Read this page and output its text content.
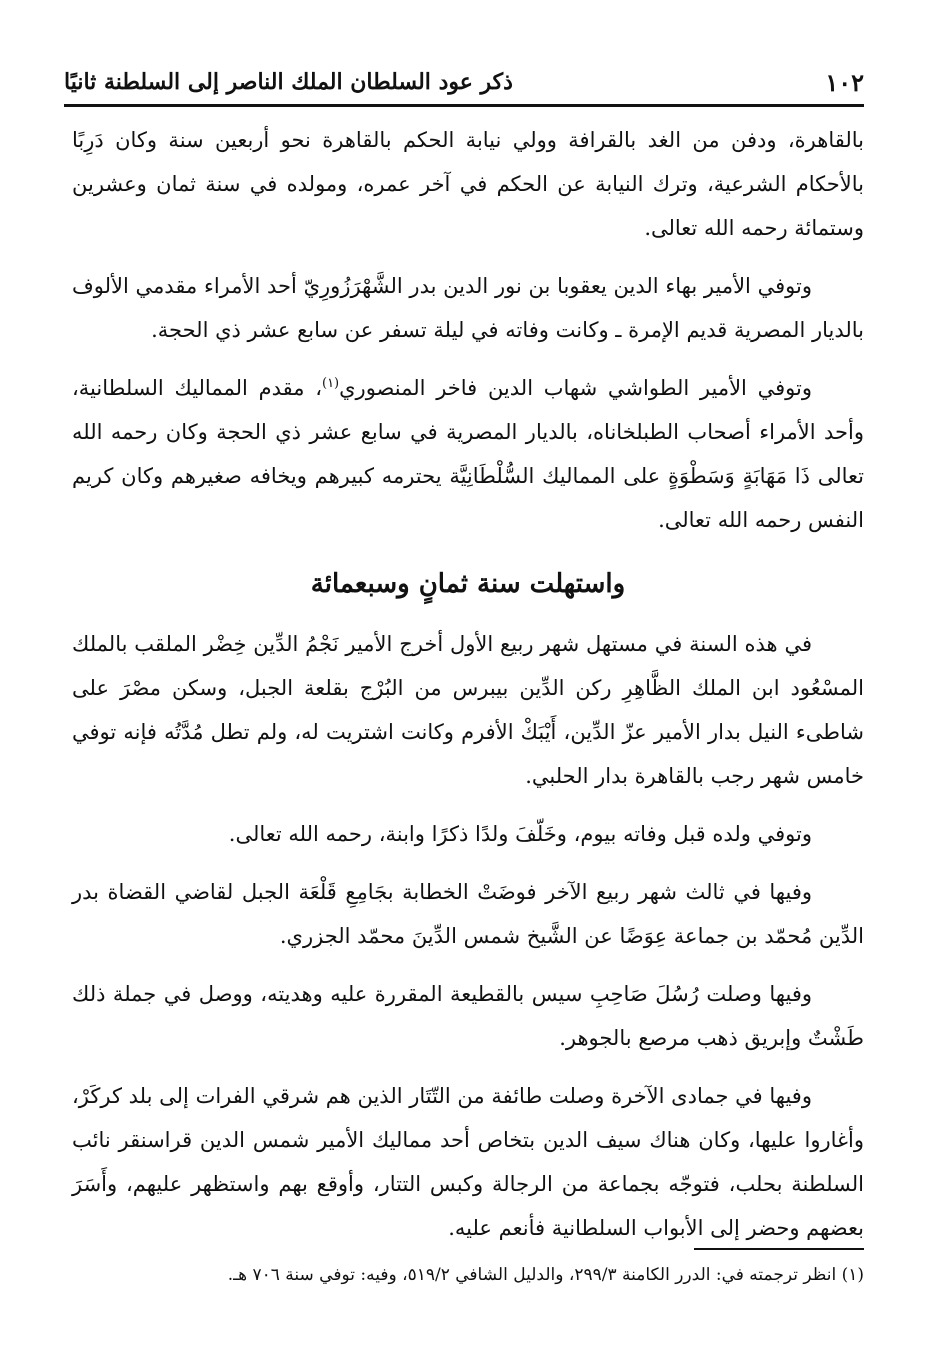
١٠٢
ذكر عود السلطان الملك الناصر إلى السلطنة ثانيًا

بالقاهرة، ودفن من الغد بالقرافة وولي نيابة الحكم بالقاهرة نحو أربعين سنة وكان دَرِبًا بالأحكام الشرعية، وترك النيابة عن الحكم في آخر عمره، ومولده في سنة ثمان وعشرين وستمائة رحمه الله تعالى.

وتوفي الأمير بهاء الدين يعقوبا بن نور الدين بدر الشَّهْرَزُورِيّ أحد الأمراء مقدمي الألوف بالديار المصرية قديم الإمرة ـ وكانت وفاته في ليلة تسفر عن سابع عشر ذي الحجة.

وتوفي الأمير الطواشي شهاب الدين فاخر المنصوري$^{(١)}$، مقدم المماليك السلطانية، وأحد الأمراء أصحاب الطبلخاناه، بالديار المصرية في سابع عشر ذي الحجة وكان رحمه الله تعالى ذَا مَهَابَةٍ وَسَطْوَةٍ على المماليك السُّلْطَانِيَّة يحترمه كبيرهم ويخافه صغيرهم وكان كريم النفس رحمه الله تعالى.

واستهلت سنة ثمانٍ وسبعمائة

في هذه السنة في مستهل شهر ربيع الأول أخرج الأمير نَجْمُ الدِّين خِضْر الملقب بالملك المسْعُود ابن الملك الظَّاهِرِ ركن الدِّين بيبرس من البُرْج بقلعة الجبل، وسكن مصْرَ على شاطىء النيل بدار الأمير عزّ الدِّين، أَيْبَكْ الأفرم وكانت اشتريت له، ولم تطل مُدَّتُه فإنه توفي خامس شهر رجب بالقاهرة بدار الحلبي.

وتوفي ولده قبل وفاته بيوم، وخَلّفَ ولدًا ذكرًا وابنة، رحمه الله تعالى.

وفيها في ثالث شهر ربيع الآخر فوضَتْ الخطابة بجَامِعِ قَلْعَة الجبل لقاضي القضاة بدر الدِّين مُحمّد بن جماعة عِوَضًا عن الشَّيخ شمس الدِّينَ محمّد الجزري.

وفيها وصلت رُسُلَ صَاحِبِ سيس بالقطيعة المقررة عليه وهديته، ووصل في جملة ذلك طَشْتٌ وإبريق ذهب مرصع بالجوهر.

وفيها في جمادى الآخرة وصلت طائفة من التّتَار الذين هم شرقي الفرات إلى بلد كركَرْ، وأغاروا عليها، وكان هناك سيف الدين بتخاص أحد مماليك الأمير شمس الدين قراسنقر نائب السلطنة بحلب، فتوجّه بجماعة من الرجالة وكبس التتار، وأوقع بهم واستظهر عليهم، وأَسَرَ بعضهم وحضر إلى الأبواب السلطانية فأنعم عليه.

(١) انظر ترجمته في: الدرر الكامنة ٢٩٩/٣، والدليل الشافي ٥١٩/٢، وفيه: توفي سنة ٧٠٦ هـ.
